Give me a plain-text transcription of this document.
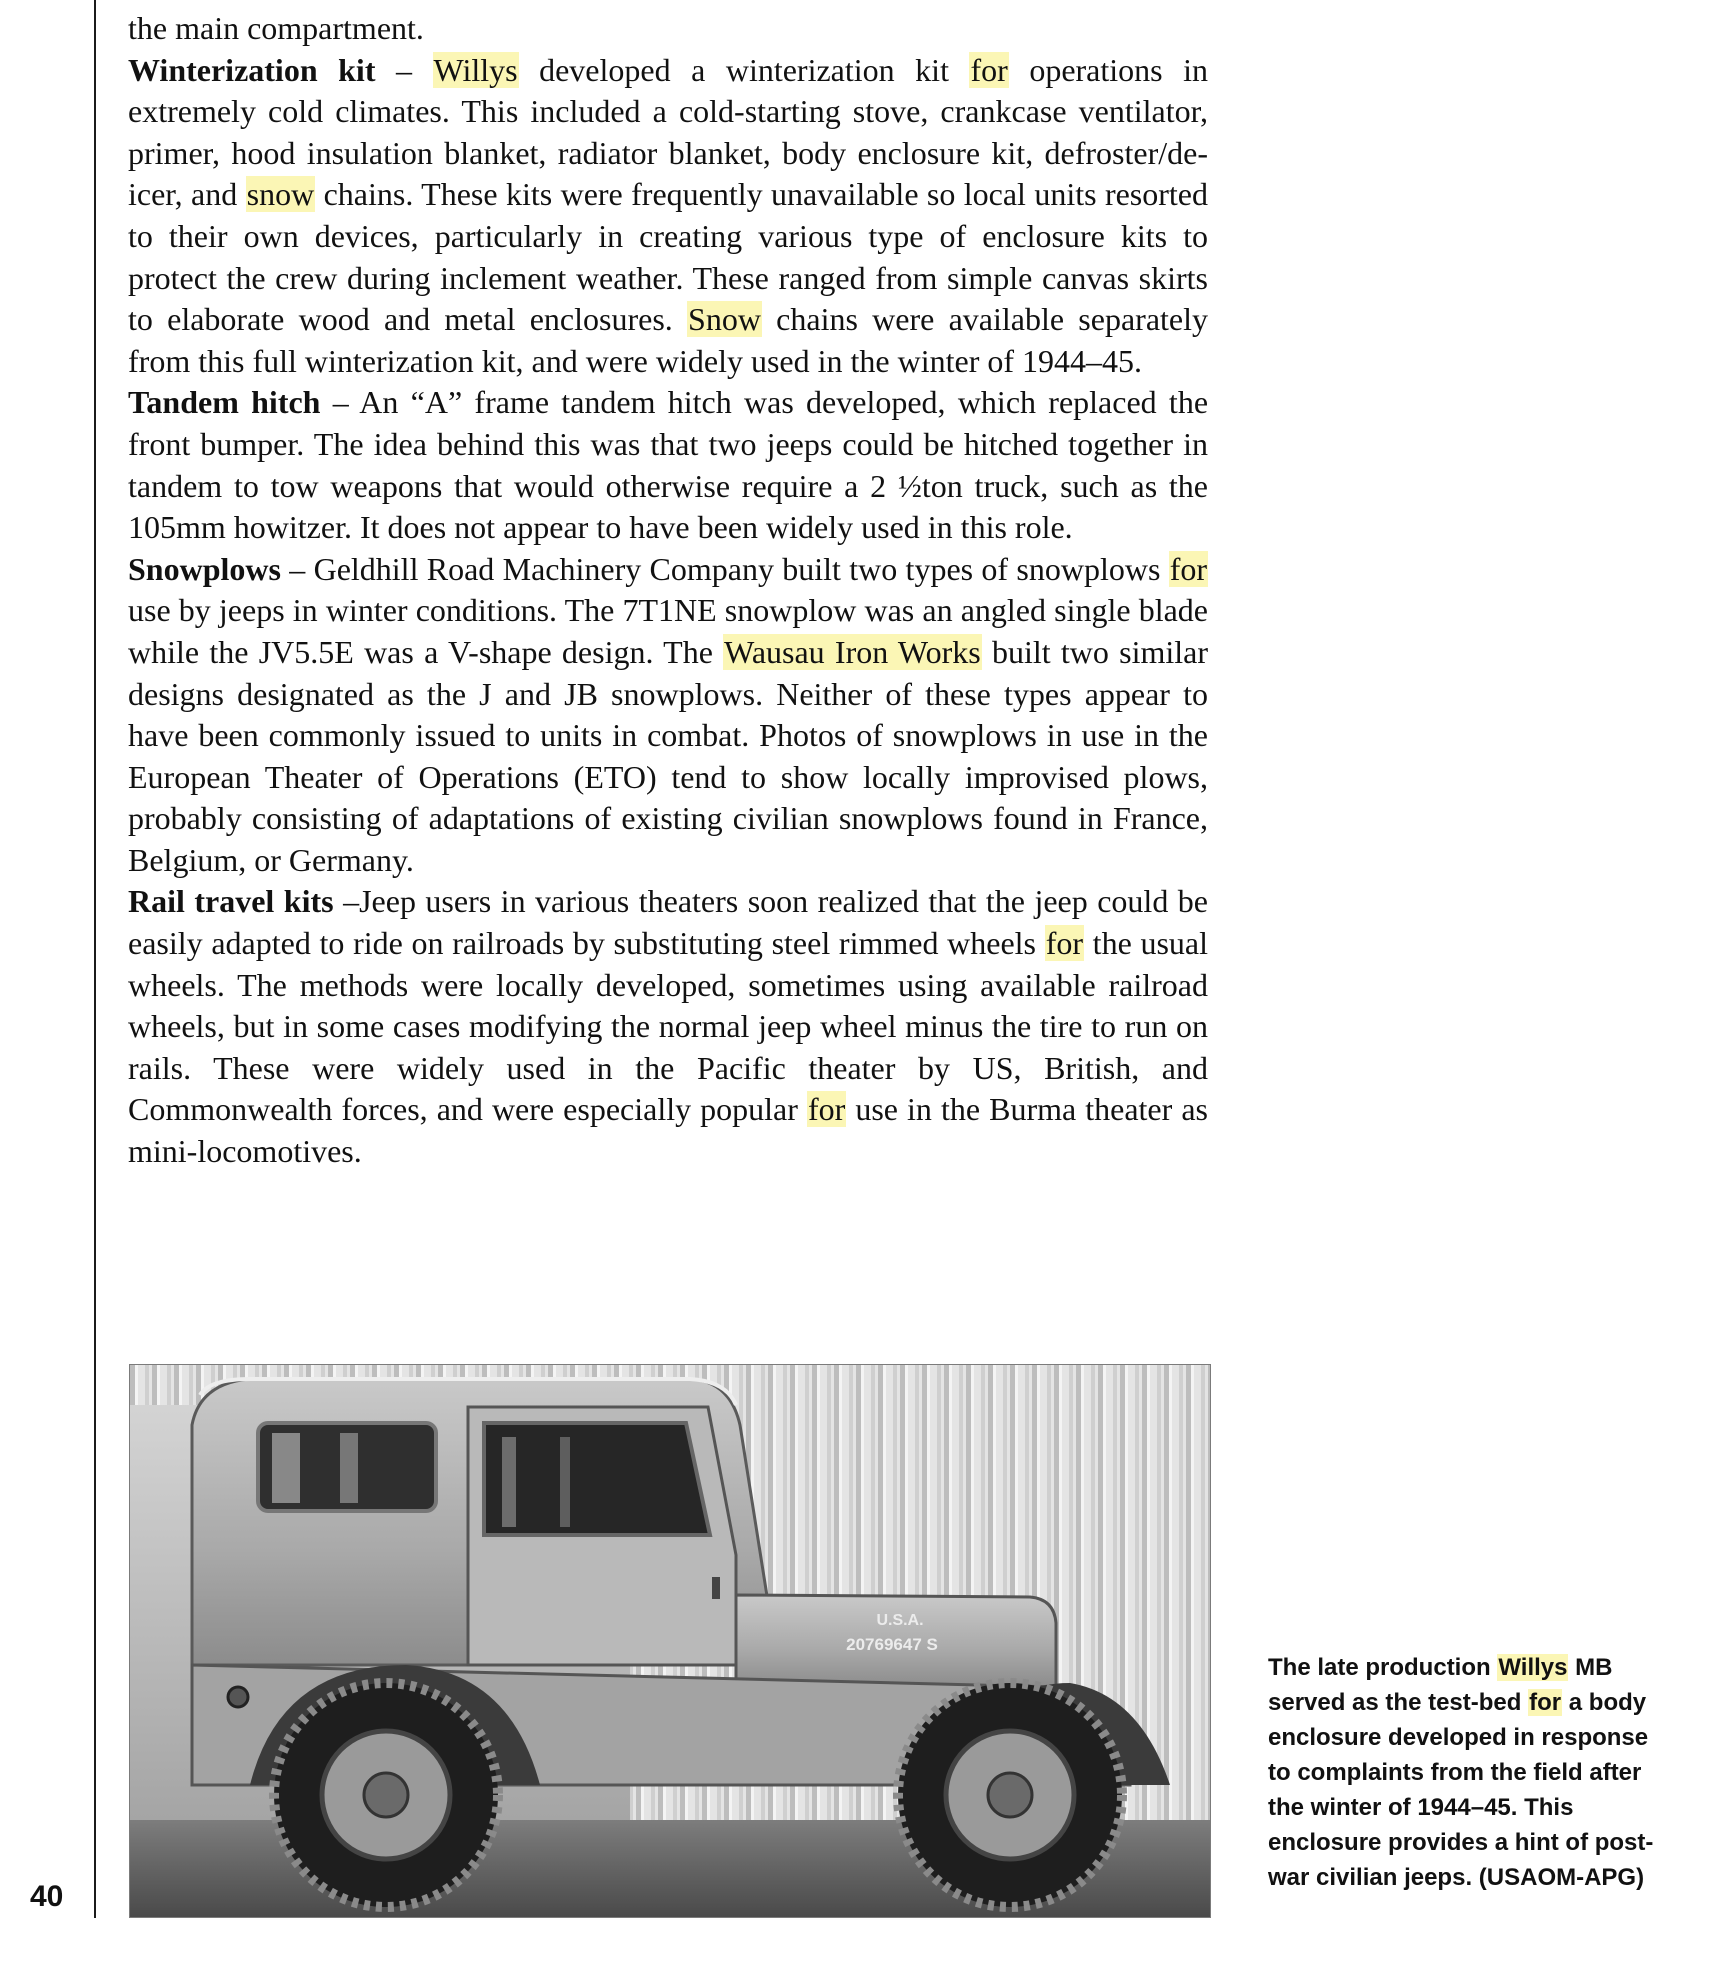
40

the main compartment.

Winterization kit – Willys developed a winterization kit for operations in extremely cold climates. This included a cold-starting stove, crankcase ventilator, primer, hood insulation blanket, radiator blanket, body enclosure kit, defroster/de-icer, and snow chains. These kits were frequently unavailable so local units resorted to their own devices, particularly in creating various type of enclosure kits to protect the crew during inclement weather. These ranged from simple canvas skirts to elaborate wood and metal enclosures. Snow chains were available separately from this full winterization kit, and were widely used in the winter of 1944–45.

Tandem hitch – An “A” frame tandem hitch was developed, which replaced the front bumper. The idea behind this was that two jeeps could be hitched together in tandem to tow weapons that would otherwise require a 2 ½ton truck, such as the 105mm howitzer. It does not appear to have been widely used in this role.

Snowplows – Geldhill Road Machinery Company built two types of snowplows for use by jeeps in winter conditions. The 7T1NE snowplow was an angled single blade while the JV5.5E was a V-shape design. The Wausau Iron Works built two similar designs designated as the J and JB snowplows. Neither of these types appear to have been commonly issued to units in combat. Photos of snowplows in use in the European Theater of Operations (ETO) tend to show locally improvised plows, probably consisting of adaptations of existing civilian snowplows found in France, Belgium, or Germany.

Rail travel kits –Jeep users in various theaters soon realized that the jeep could be easily adapted to ride on railroads by substituting steel rimmed wheels for the usual wheels. The methods were locally developed, sometimes using available railroad wheels, but in some cases modifying the normal jeep wheel minus the tire to run on rails. These were widely used in the Pacific theater by US, British, and Commonwealth forces, and were especially popular for use in the Burma theater as mini-locomotives.

U.S.A.
20769647 S
The late production Willys MB served as the test-bed for a body enclosure developed in response to complaints from the field after the winter of 1944–45. This enclosure provides a hint of post-war civilian jeeps. (USAOM-APG)
